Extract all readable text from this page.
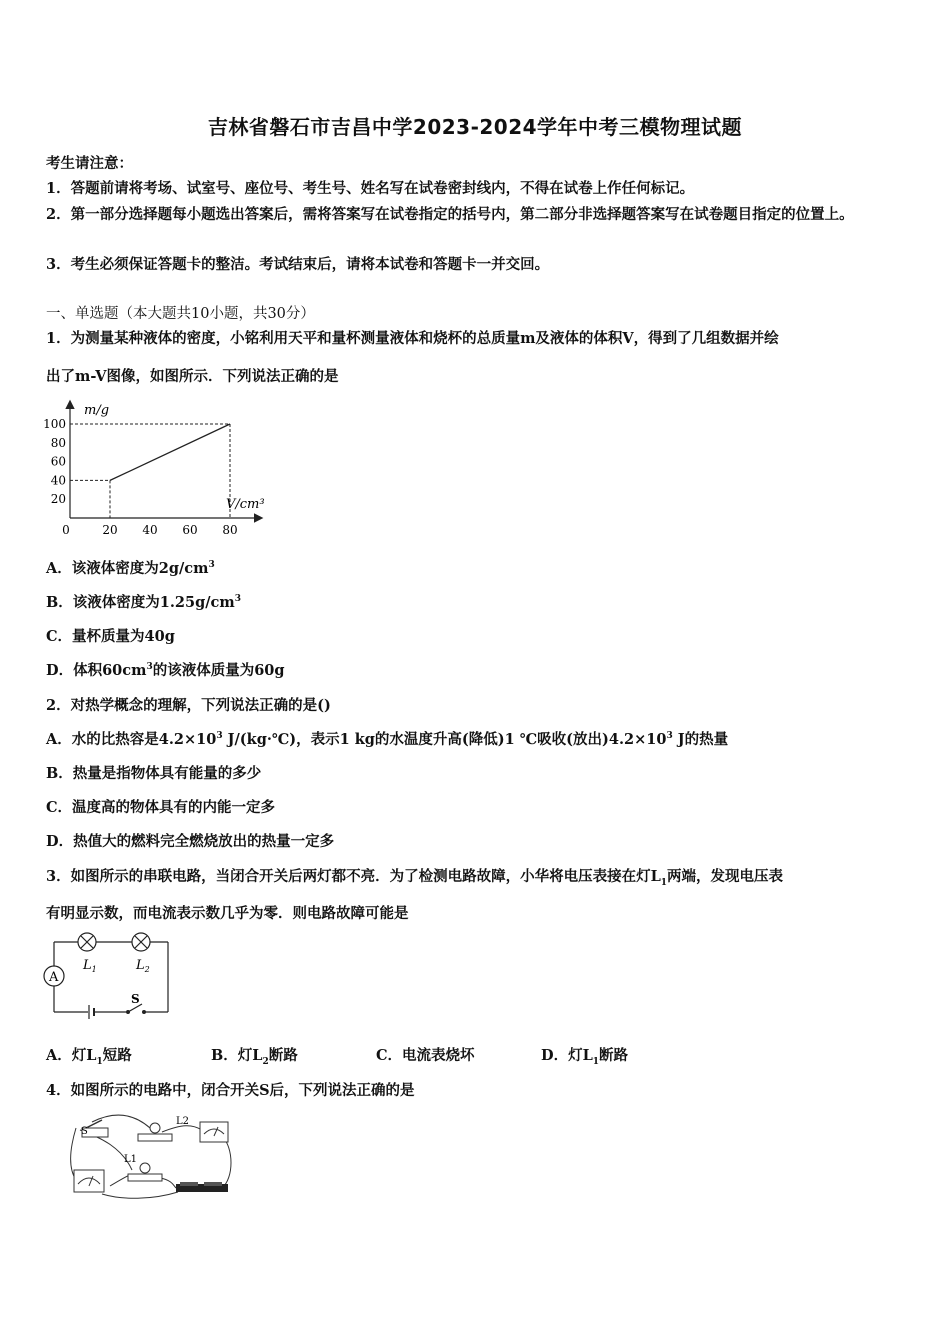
吉林省磐石市吉昌中学2023-2024学年中考三模物理试题
考生请注意：
1．答题前请将考场、试室号、座位号、考生号、姓名写在试卷密封线内，不得在试卷上作任何标记。
2．第一部分选择题每小题选出答案后，需将答案写在试卷指定的括号内，第二部分非选择题答案写在试卷题目指定的位置上。
3．考生必须保证答题卡的整洁。考试结束后，请将本试卷和答题卡一并交回。
一、单选题（本大题共10小题，共30分）
1．为测量某种液体的密度，小铭利用天平和量杯测量液体和烧杯的总质量m及液体的体积V，得到了几组数据并绘
出了m-V图像，如图所示．下列说法正确的是
0	20 40 60 80
20
40
60
80
100
m/g
V/cm³
A．该液体密度为$2g/cm^3$
B．该液体密度为$1.25g/cm^3$
C．量杯质量为40g
D．体积$60cm^3$的该液体质量为60g
2．对热学概念的理解，下列说法正确的是()
A．水的比热容是$4.2\times 10^3$ J/(kg·℃)，表示1 kg的水温度升高(降低)1 ℃吸收(放出)$4.2\times 10^3$ J的热量
B．热量是指物体具有能量的多少
C．温度高的物体具有的内能一定多
D．热值大的燃料完全燃烧放出的热量一定多
3．如图所示的串联电路，当闭合开关后两灯都不亮．为了检测电路故障，小华将电压表接在灯$L_1$两端，发现电压表
有明显示数，而电流表示数几乎为零．则电路故障可能是
A
S
$L_1$	$L_2$
A．灯$L_1$短路	B．灯$L_2$断路	C．电流表烧坏	D．灯$L_1$断路
4．如图所示的电路中，闭合开关S后，下列说法正确的是
S
L2
L1
